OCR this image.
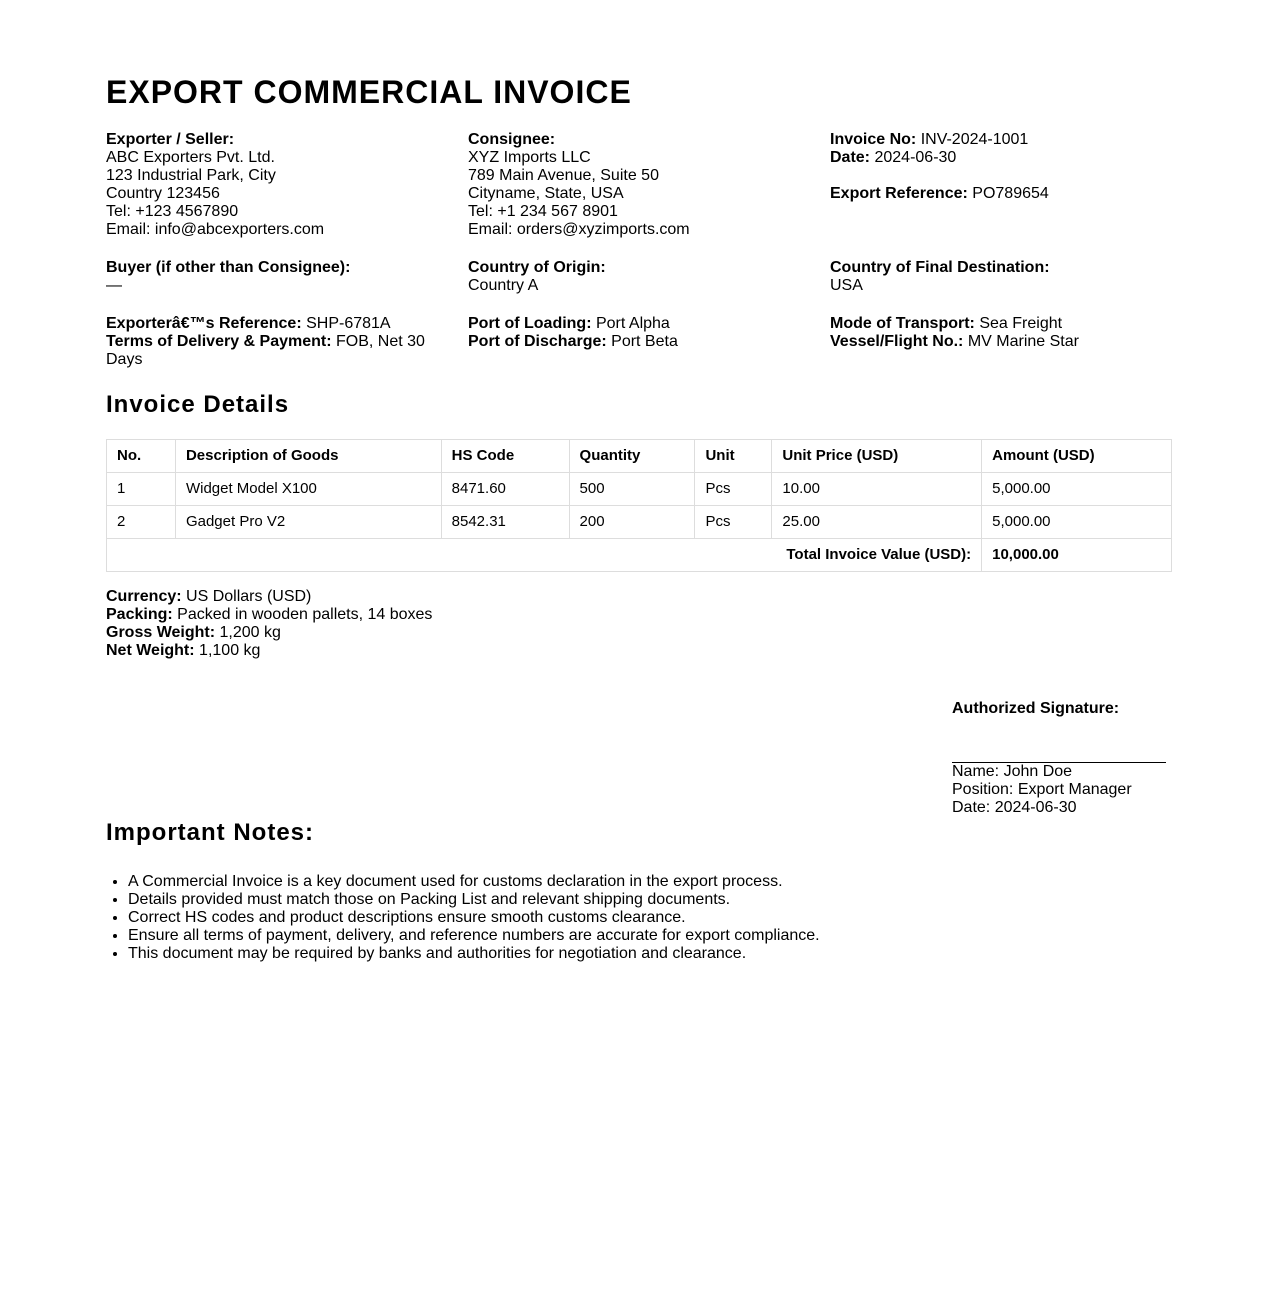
EXPORT COMMERCIAL INVOICE
Exporter / Seller:
ABC Exporters Pvt. Ltd.
123 Industrial Park, City
Country 123456
Tel: +123 4567890
Email: info@abcexporters.com
Consignee:
XYZ Imports LLC
789 Main Avenue, Suite 50
Cityname, State, USA
Tel: +1 234 567 8901
Email: orders@xyzimports.com
Invoice No: INV-2024-1001
Date: 2024-06-30

Export Reference: PO789654
Buyer (if other than Consignee):
—
Country of Origin:
Country A
Country of Final Destination:
USA
Exporterâ€™s Reference: SHP-6781A
Terms of Delivery & Payment: FOB, Net 30 Days
Port of Loading: Port Alpha
Port of Discharge: Port Beta
Mode of Transport: Sea Freight
Vessel/Flight No.: MV Marine Star
Invoice Details
No.	Description of Goods	HS Code	Quantity	Unit	Unit Price (USD)	Amount (USD)
1	Widget Model X100	8471.60	500	Pcs	10.00	5,000.00
2	Gadget Pro V2	8542.31	200	Pcs	25.00	5,000.00
Total Invoice Value (USD):						10,000.00
Currency: US Dollars (USD)
Packing: Packed in wooden pallets, 14 boxes
Gross Weight: 1,200 kg
Net Weight: 1,100 kg
Authorized Signature:
Name: John Doe
Position: Export Manager
Date: 2024-06-30
Important Notes:
• A Commercial Invoice is a key document used for customs declaration in the export process.
• Details provided must match those on Packing List and relevant shipping documents.
• Correct HS codes and product descriptions ensure smooth customs clearance.
• Ensure all terms of payment, delivery, and reference numbers are accurate for export compliance.
• This document may be required by banks and authorities for negotiation and clearance.
